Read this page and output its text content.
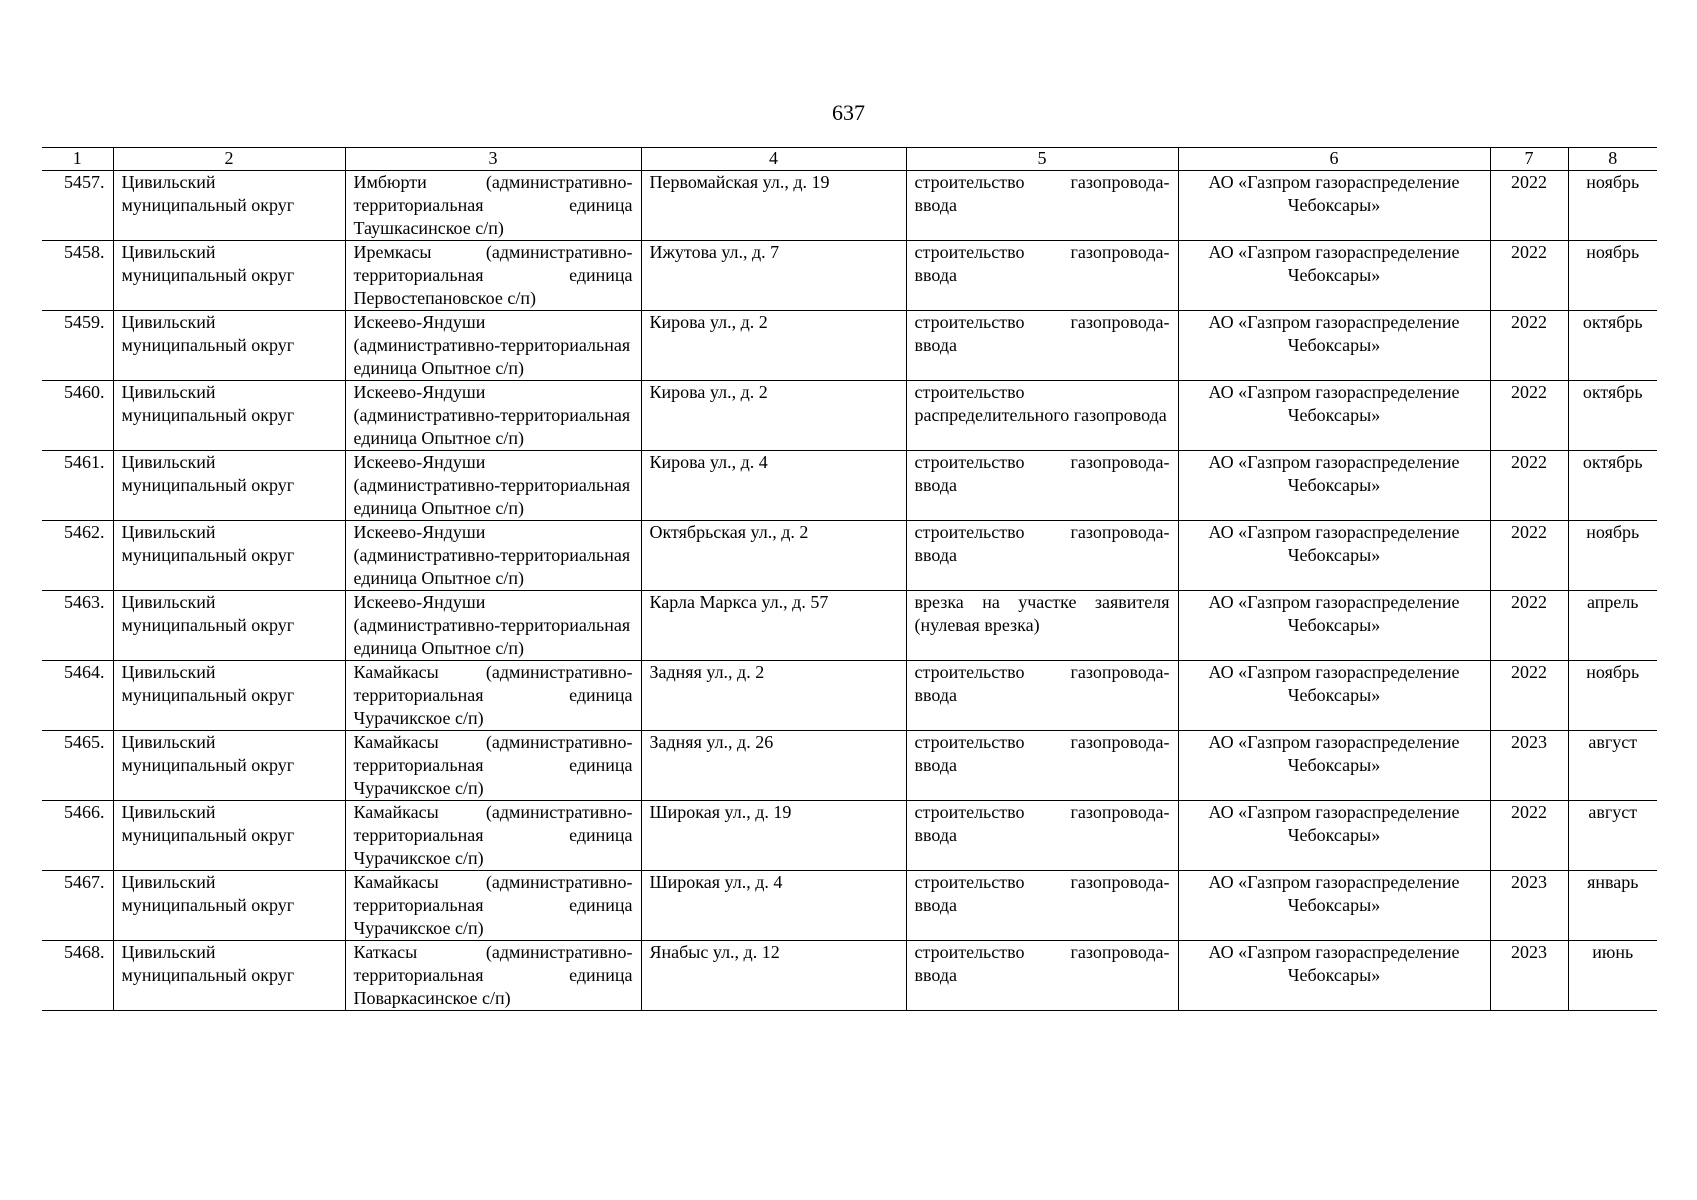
637
1	2	3	4	5	6	7	8
5457.	Цивильский муниципальный округ	Имбюрти (административно-территориальная единица Таушкасинское с/п)	Первомайская ул., д. 19	строительство газопровода-ввода	АО «Газпром газораспределение Чебоксары»	2022	ноябрь
5458.	Цивильский муниципальный округ	Иремкасы (административно-территориальная единица Первостепановское с/п)	Ижутова ул., д. 7	строительство газопровода-ввода	АО «Газпром газораспределение Чебоксары»	2022	ноябрь
5459.	Цивильский муниципальный округ	Искеево-Яндуши (административно-территориальная единица Опытное с/п)	Кирова ул., д. 2	строительство газопровода-ввода	АО «Газпром газораспределение Чебоксары»	2022	октябрь
5460.	Цивильский муниципальный округ	Искеево-Яндуши (административно-территориальная единица Опытное с/п)	Кирова ул., д. 2	строительство распределительного газопровода	АО «Газпром газораспределение Чебоксары»	2022	октябрь
5461.	Цивильский муниципальный округ	Искеево-Яндуши (административно-территориальная единица Опытное с/п)	Кирова ул., д. 4	строительство газопровода-ввода	АО «Газпром газораспределение Чебоксары»	2022	октябрь
5462.	Цивильский муниципальный округ	Искеево-Яндуши (административно-территориальная единица Опытное с/п)	Октябрьская ул., д. 2	строительство газопровода-ввода	АО «Газпром газораспределение Чебоксары»	2022	ноябрь
5463.	Цивильский муниципальный округ	Искеево-Яндуши (административно-территориальная единица Опытное с/п)	Карла Маркса ул., д. 57	врезка на участке заявителя (нулевая врезка)	АО «Газпром газораспределение Чебоксары»	2022	апрель
5464.	Цивильский муниципальный округ	Камайкасы (административно-территориальная единица Чурачикское с/п)	Задняя ул., д. 2	строительство газопровода-ввода	АО «Газпром газораспределение Чебоксары»	2022	ноябрь
5465.	Цивильский муниципальный округ	Камайкасы (административно-территориальная единица Чурачикское с/п)	Задняя ул., д. 26	строительство газопровода-ввода	АО «Газпром газораспределение Чебоксары»	2023	август
5466.	Цивильский муниципальный округ	Камайкасы (административно-территориальная единица Чурачикское с/п)	Широкая ул., д. 19	строительство газопровода-ввода	АО «Газпром газораспределение Чебоксары»	2022	август
5467.	Цивильский муниципальный округ	Камайкасы (административно-территориальная единица Чурачикское с/п)	Широкая ул., д. 4	строительство газопровода-ввода	АО «Газпром газораспределение Чебоксары»	2023	январь
5468.	Цивильский муниципальный округ	Каткасы (административно-территориальная единица Поваркасинское с/п)	Янабыс ул., д. 12	строительство газопровода-ввода	АО «Газпром газораспределение Чебоксары»	2023	июнь
